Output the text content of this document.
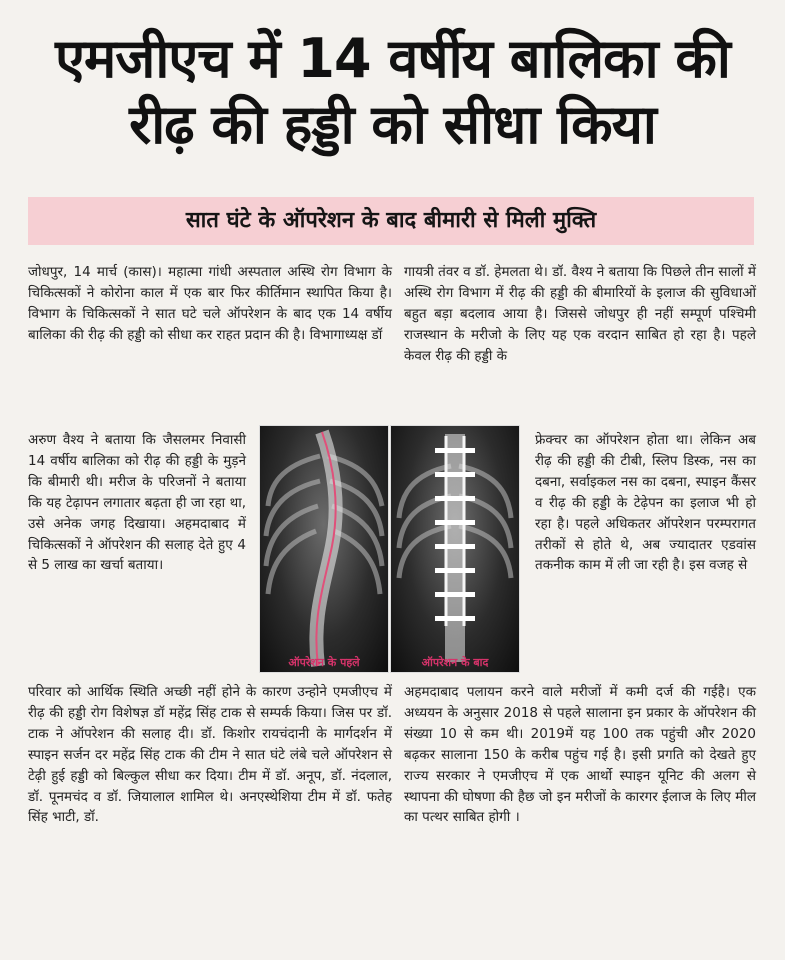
एमजीएच में 14 वर्षीय बालिका की
रीढ़ की हड्डी को सीधा किया
सात घंटे के ऑपरेशन के बाद बीमारी से मिली मुक्ति

जोधपुर, 14 मार्च (कास)। महात्मा गांधी अस्पताल अस्थि रोग विभाग के चिकित्सकों ने कोरोना काल में एक बार फिर कीर्तिमान स्थापित किया है। विभाग के चिकित्सकों ने सात घटे चले ऑपरेशन के बाद एक 14 वर्षीय बालिका की रीढ़ की हड्डी को सीधा कर राहत प्रदान की है। विभागाध्यक्ष डॉ

अरुण वैश्य ने बताया कि जैसलमर निवासी 14 वर्षीय बालिका को रीढ़ की हड्डी के मुड़ने कि बीमारी थी। मरीज के परिजनों ने बताया कि यह टेढ़ापन लगातार बढ़ता ही जा रहा था, उसे अनेक जगह दिखाया। अहमदाबाद में चिकित्सकों ने ऑपरेशन की सलाह देते हुए 4 से 5 लाख का खर्चा बताया।

परिवार को आर्थिक स्थिति अच्छी नहीं होने के कारण उन्होने एमजीएच में रीढ़ की हड्डी रोग विशेषज्ञ डॉ महेंद्र सिंह टाक से सम्पर्क किया। जिस पर डॉ. टाक ने ऑपरेशन की सलाह दी। डॉ. किशोर रायचंदानी के मार्गदर्शन में स्पाइन सर्जन दर महेंद्र सिंह टाक की टीम ने सात घंटे लंबे चले ऑपरेशन से टेढ़ी हुई हड्डी को बिल्कुल सीधा कर दिया। टीम में डॉ. अनूप, डॉ. नंदलाल, डॉ. पूनमचंद व डॉ. जियालाल शामिल थे। अनएस्थेशिया टीम में डॉ. फतेह सिंह भाटी, डॉ.

गायत्री तंवर व डॉ. हेमलता थे। डॉ. वैश्य ने बताया कि पिछले तीन सालों में अस्थि रोग विभाग में रीढ़ की हड्डी की बीमारियों के इलाज की सुविधाओं बहुत बड़ा बदलाव आया है। जिससे जोधपुर ही नहीं सम्पूर्ण पश्चिमी राजस्थान के मरीजो के लिए यह एक वरदान साबित हो रहा है। पहले केवल रीढ़ की हड्डी के

फ्रेक्चर का ऑपरेशन होता था। लेकिन अब रीढ़ की हड्डी की टीबी, स्लिप डिस्क, नस का दबना, सर्वाइकल नस का दबना, स्पाइन कैंसर व रीढ़ की हड्डी के टेढ़ेपन का इलाज भी हो रहा है। पहले अधिकतर ऑपरेशन परम्परागत तरीकों से होते थे, अब ज्यादातर एडवांस तकनीक काम में ली जा रही है। इस वजह से

अहमदाबाद पलायन करने वाले मरीजों में कमी दर्ज की गईहै। एक अध्ययन के अनुसार 2018 से पहले सालाना इन प्रकार के ऑपरेशन की संख्या 10 से कम थी। 2019में यह 100 तक पहुंची और 2020 बढ़कर सालाना 150 के करीब पहुंच गई है। इसी प्रगति को देखते हुए राज्य सरकार ने एमजीएच में एक आर्थो स्पाइन यूनिट की अलग से स्थापना की घोषणा की हैछ जो इन मरीजों के कारगर ईलाज के लिए मील का पत्थर साबित होगी ।

ऑपरेशन के पहले	ऑपरेशन के बाद
